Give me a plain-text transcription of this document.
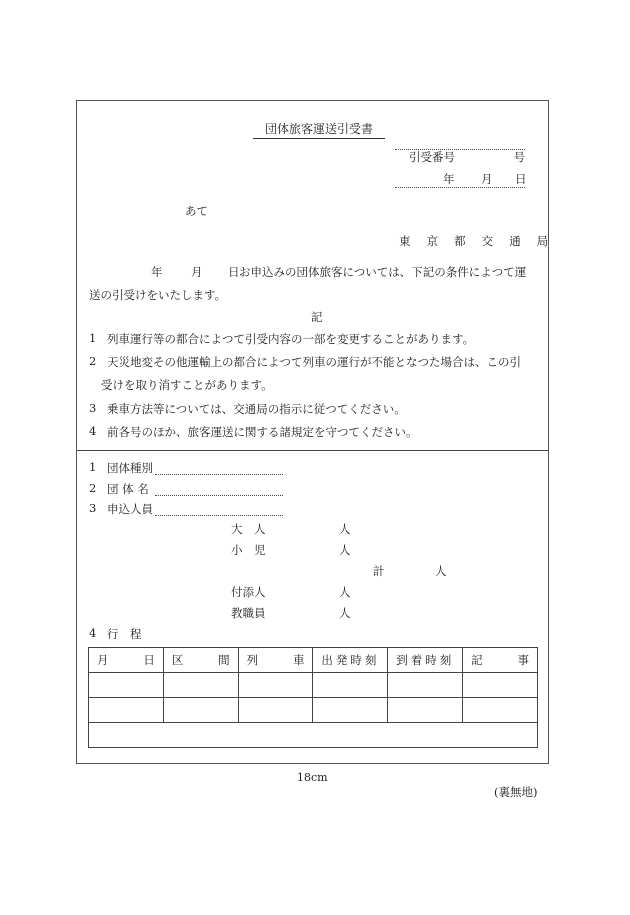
団体旅客運送引受書
引受番号	号
年 月 日
あて
東 京 都 交 通 局
年 月 日 お申込みの団体旅客については、下記の条件によつて運
送の引受けをいたします。
記
1 列車運行等の都合によつて引受内容の一部を変更することがあります。
2 天災地変その他運輸上の都合によつて列車の運行が不能となつた場合は、この引
受けを取り消すことがあります。
3 乗車方法等については、交通局の指示に従つてください。
4 前各号のほか、旅客運送に関する諸規定を守つてください。
1 団体種別
2 団 体 名
3 申込人員
大　人	人
小　児	人
計	人
付添人	人
教職員	人
4 行　程
月 日	区 間	列 車	出発時刻	到着時刻	記 事

18cm
(裏無地)
